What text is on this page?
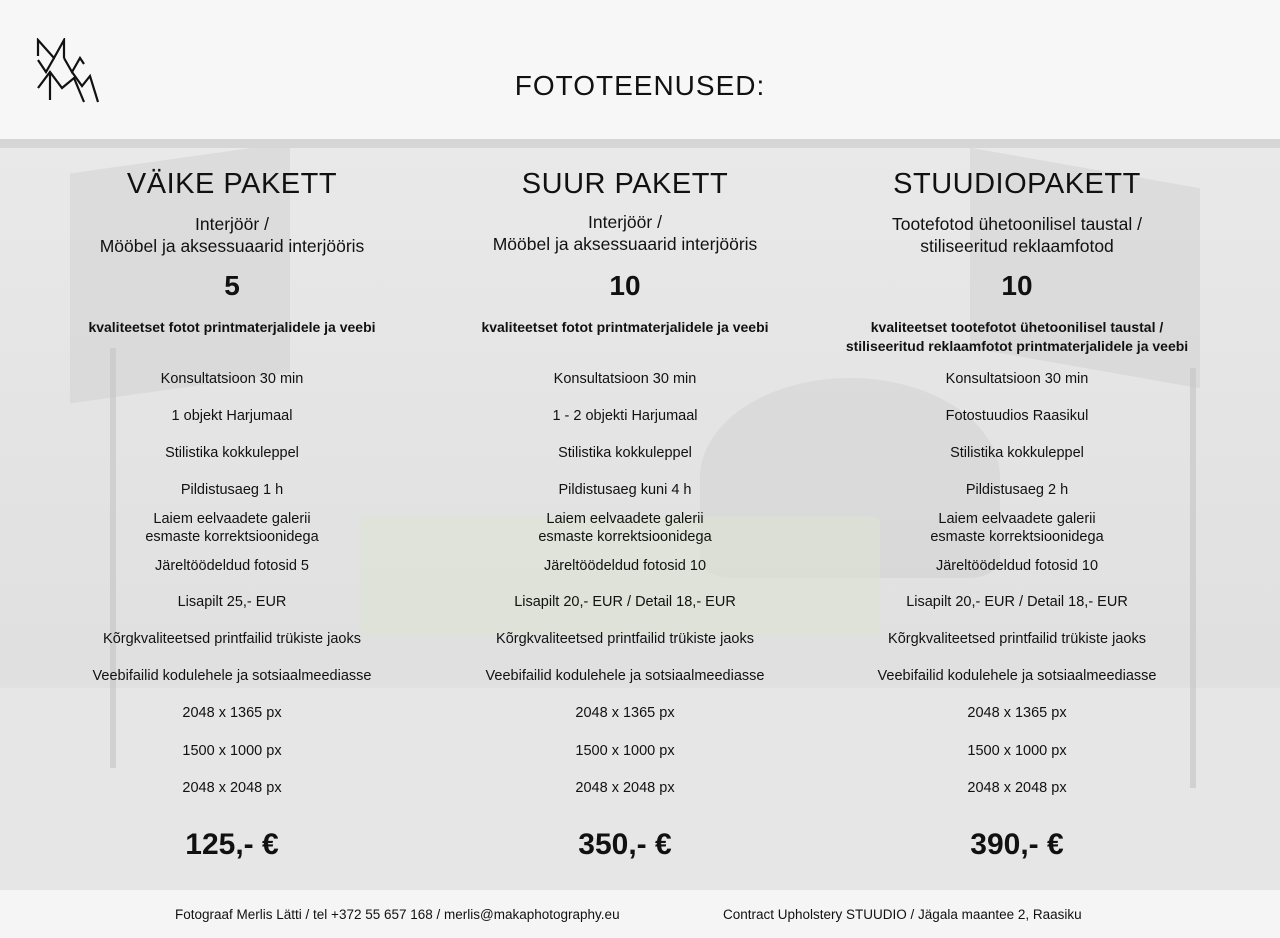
FOTOTEENUSED:
VÄIKE PAKETT
Interjöör /
Mööbel ja aksessuaarid interjööris
5
kvaliteetset fotot printmaterjalidele ja veebi
Konsultatsioon 30 min
1 objekt Harjumaal
Stilistika kokkuleppel
Pildistusaeg 1 h
Laiem eelvaadete galerii
esmaste korrektsioonidega
Järeltöödeldud fotosid 5
Lisapilt 25,- EUR
Kõrgkvaliteetsed printfailid trükiste jaoks
Veebifailid kodulehele ja sotsiaalmeediasse
2048 x 1365 px
1500 x 1000 px
2048 x 2048 px
125,- €
SUUR PAKETT
Interjöör /
Mööbel ja aksessuaarid interjööris
10
kvaliteetset fotot printmaterjalidele ja veebi
Konsultatsioon 30 min
1 - 2 objekti Harjumaal
Stilistika kokkuleppel
Pildistusaeg kuni 4 h
Laiem eelvaadete galerii
esmaste korrektsioonidega
Järeltöödeldud fotosid 10
Lisapilt 20,- EUR / Detail 18,- EUR
Kõrgkvaliteetsed printfailid trükiste jaoks
Veebifailid kodulehele ja sotsiaalmeediasse
2048 x 1365 px
1500 x 1000 px
2048 x 2048 px
350,- €
STUUDIOPAKETT
Tootefotod ühetoonilisel taustal /
stiliseeritud reklaamfotod
10
kvaliteetset tootefotot ühetoonilisel taustal /
stiliseeritud reklaamfotot printmaterjalidele ja veebi
Konsultatsioon 30 min
Fotostuudios Raasikul
Stilistika kokkuleppel
Pildistusaeg 2 h
Laiem eelvaadete galerii
esmaste korrektsioonidega
Järeltöödeldud fotosid 10
Lisapilt 20,- EUR / Detail 18,- EUR
Kõrgkvaliteetsed printfailid trükiste jaoks
Veebifailid kodulehele ja sotsiaalmeediasse
2048 x 1365 px
1500 x 1000 px
2048 x 2048 px
390,- €
Fotograaf Merlis Lätti / tel +372 55 657 168 / merlis@makaphotography.eu	Contract Upholstery STUUDIO / Jägala maantee 2, Raasiku
